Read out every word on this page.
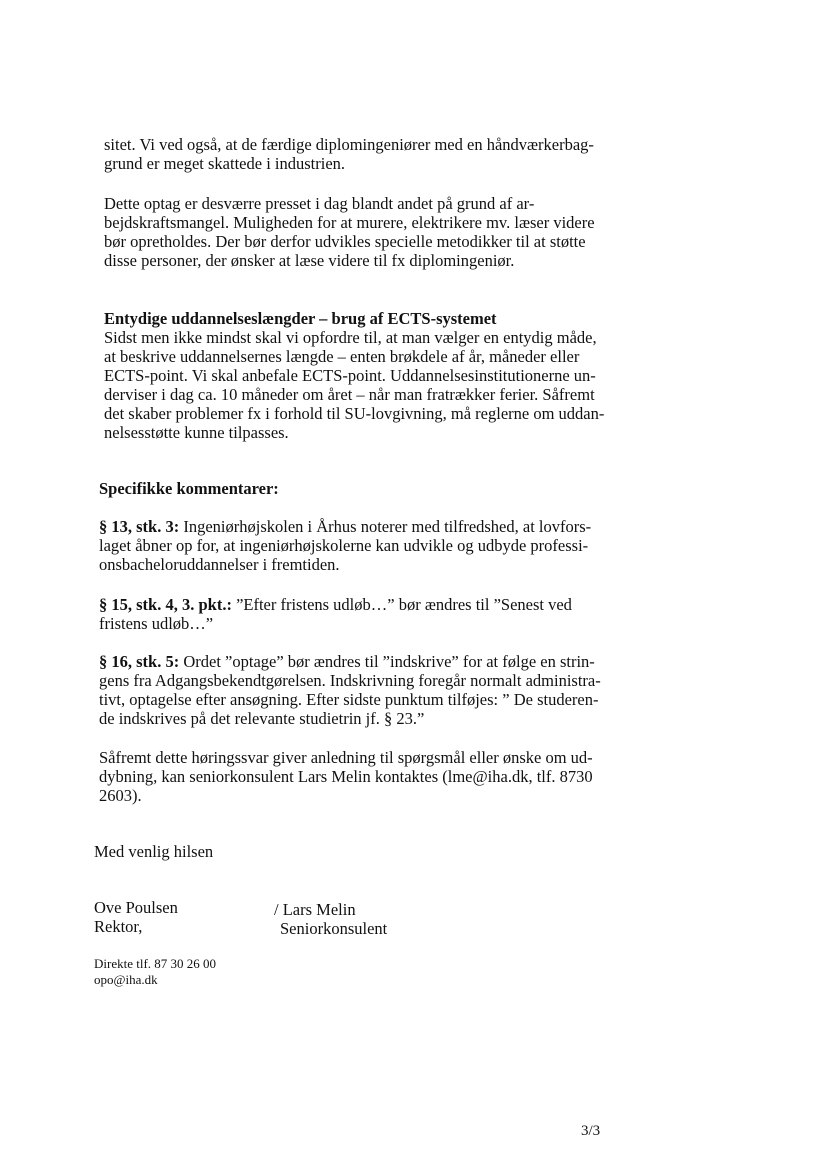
sitet. Vi ved også, at de færdige diplomingeniører med en håndværkerbag-
grund er meget skattede i industrien.
Dette optag er desværre presset i dag blandt andet på grund af ar-
bejdskraftsmangel. Muligheden for at murere, elektrikere mv. læser videre
bør opretholdes. Der bør derfor udvikles specielle metodikker til at støtte
disse personer, der ønsker at læse videre til fx diplomingeniør.
Entydige uddannelseslængder – brug af ECTS-systemet
Sidst men ikke mindst skal vi opfordre til, at man vælger en entydig måde,
at beskrive uddannelsernes længde – enten brøkdele af år, måneder eller
ECTS-point. Vi skal anbefale ECTS-point. Uddannelsesinstitutionerne un-
derviser i dag ca. 10 måneder om året – når man fratrækker ferier. Såfremt
det skaber problemer fx i forhold til SU-lovgivning, må reglerne om uddan-
nelsesstøtte kunne tilpasses.
Specifikke kommentarer:
§ 13, stk. 3: Ingeniørhøjskolen i Århus noterer med tilfredshed, at lovfors-
laget åbner op for, at ingeniørhøjskolerne kan udvikle og udbyde professi-
onsbacheloruddannelser i fremtiden.
§ 15, stk. 4, 3. pkt.: ”Efter fristens udløb…” bør ændres til ”Senest ved
fristens udløb…”
§ 16, stk. 5: Ordet ”optage” bør ændres til ”indskrive” for at følge en strin-
gens fra Adgangsbekendtgørelsen. Indskrivning foregår normalt administra-
tivt, optagelse efter ansøgning. Efter sidste punktum tilføjes: ” De studeren-
de indskrives på det relevante studietrin jf. § 23.”
Såfremt dette høringssvar giver anledning til spørgsmål eller ønske om ud-
dybning, kan seniorkonsulent Lars Melin kontaktes (lme@iha.dk, tlf. 8730
2603).
Med venlig hilsen
Ove Poulsen
Rektor,
/ Lars Melin
Seniorkonsulent
Direkte tlf. 87 30 26 00
opo@iha.dk
3/3
